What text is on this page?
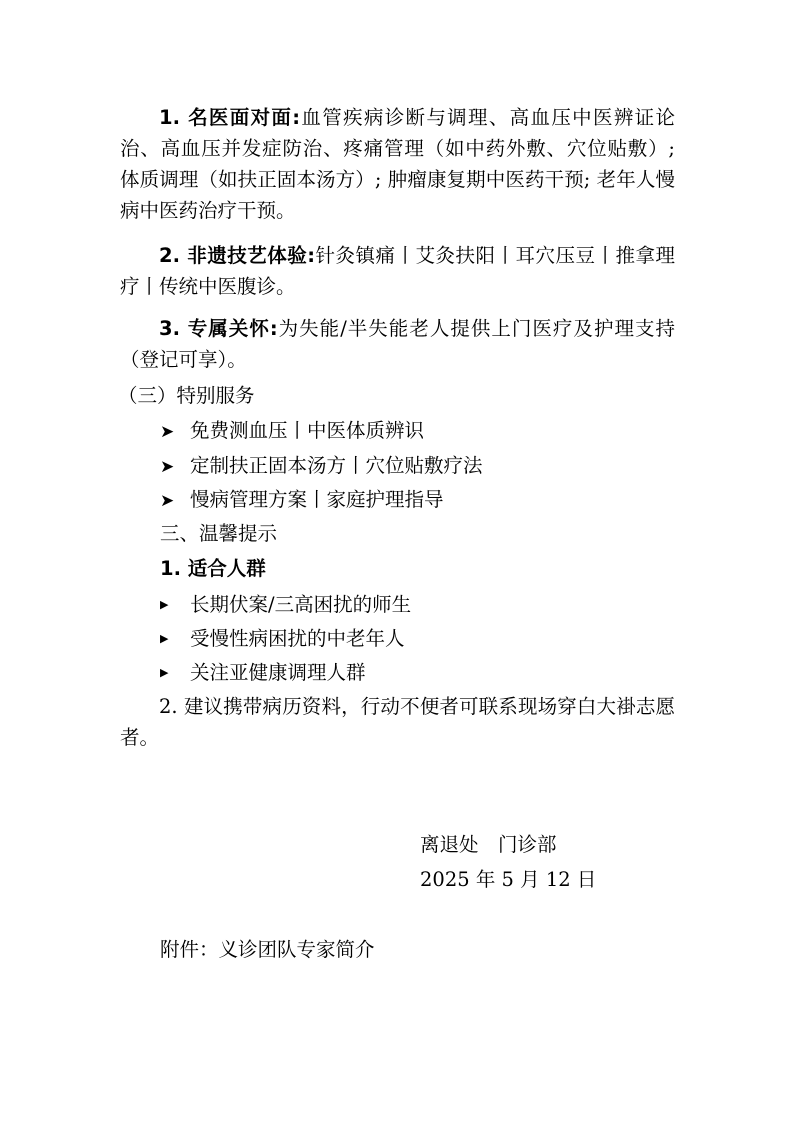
1. 名医面对面:血管疾病诊断与调理、高血压中医辨证论治、高血压并发症防治、疼痛管理（如中药外敷、穴位贴敷）; 体质调理（如扶正固本汤方）; 肿瘤康复期中医药干预; 老年人慢病中医药治疗干预。

2. 非遗技艺体验:针灸镇痛丨艾灸扶阳丨耳穴压豆丨推拿理疗丨传统中医腹诊。

3. 专属关怀:为失能/半失能老人提供上门医疗及护理支持（登记可享）。

（三）特别服务
➤ 免费测血压丨中医体质辨识
➤ 定制扶正固本汤方丨穴位贴敷疗法
➤ 慢病管理方案丨家庭护理指导
三、温馨提示
1. 适合人群
▶ 长期伏案/三高困扰的师生
▶ 受慢性病困扰的中老年人
▶ 关注亚健康调理人群

2. 建议携带病历资料，行动不便者可联系现场穿白大褂志愿者。

离退处　门诊部
2025 年 5 月 12 日
附件：义诊团队专家简介
